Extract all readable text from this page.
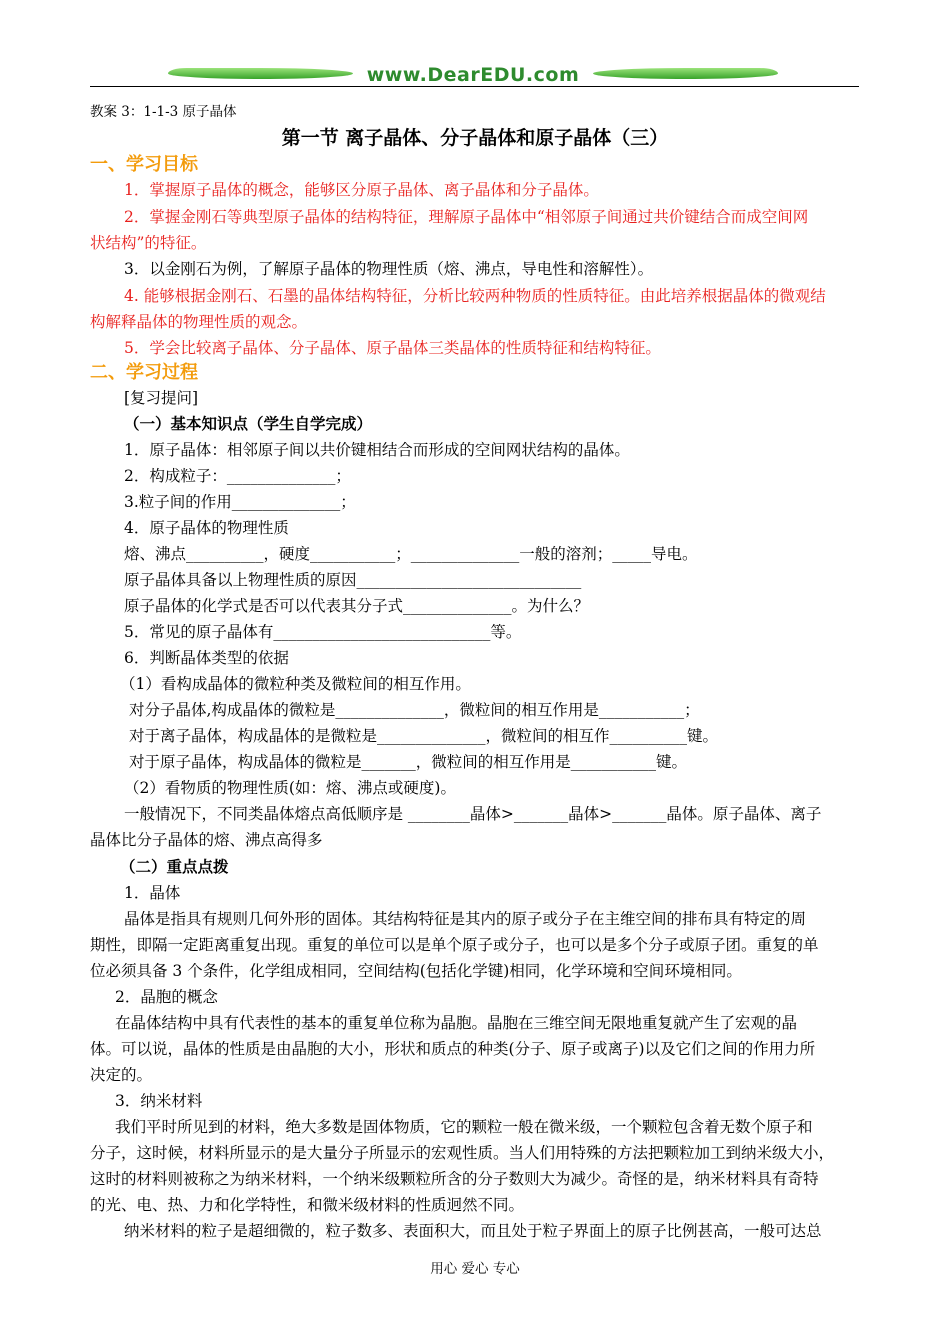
www.DearEDU.com
教案 3：1-1-3 原子晶体
第一节 离子晶体、分子晶体和原子晶体（三）
一、学习目标
1．掌握原子晶体的概念，能够区分原子晶体、离子晶体和分子晶体。
2．掌握金刚石等典型原子晶体的结构特征，理解原子晶体中“相邻原子间通过共价键结合而成空间网
状结构”的特征。
3．以金刚石为例，了解原子晶体的物理性质（熔、沸点，导电性和溶解性）。
4. 能够根据金刚石、石墨的晶体结构特征，分析比较两种物质的性质特征。由此培养根据晶体的微观结
构解释晶体的物理性质的观念。
5．学会比较离子晶体、分子晶体、原子晶体三类晶体的性质特征和结构特征。
二、学习过程
[复习提问]
（一）基本知识点（学生自学完成）
1．原子晶体：相邻原子间以共价键相结合而形成的空间网状结构的晶体。
2．构成粒子：______________；
3.粒子间的作用______________；
4．原子晶体的物理性质
熔、沸点__________，硬度___________；______________一般的溶剂；_____导电。
原子晶体具备以上物理性质的原因_____________________________
原子晶体的化学式是否可以代表其分子式______________。为什么？
5．常见的原子晶体有____________________________等。
6．判断晶体类型的依据
（1）看构成晶体的微粒种类及微粒间的相互作用。
对分子晶体,构成晶体的微粒是______________，微粒间的相互作用是___________；
对于离子晶体，构成晶体的是微粒是______________，微粒间的相互作__________键。
对于原子晶体，构成晶体的微粒是_______，微粒间的相互作用是___________键。
（2）看物质的物理性质(如：熔、沸点或硬度)。
一般情况下，不同类晶体熔点高低顺序是 ________晶体>_______晶体>_______晶体。原子晶体、离子
晶体比分子晶体的熔、沸点高得多
（二）重点点拨
1．晶体
晶体是指具有规则几何外形的固体。其结构特征是其内的原子或分子在主维空间的排布具有特定的周
期性，即隔一定距离重复出现。重复的单位可以是单个原子或分子，也可以是多个分子或原子团。重复的单
位必须具备 3 个条件，化学组成相同，空间结构(包括化学键)相同，化学环境和空间环境相同。
2．晶胞的概念
在晶体结构中具有代表性的基本的重复单位称为晶胞。晶胞在三维空间无限地重复就产生了宏观的晶
体。可以说，晶体的性质是由晶胞的大小，形状和质点的种类(分子、原子或离子)以及它们之间的作用力所
决定的。
3．纳米材料
我们平时所见到的材料，绝大多数是固体物质，它的颗粒一般在微米级，一个颗粒包含着无数个原子和
分子，这时候，材料所显示的是大量分子所显示的宏观性质。当人们用特殊的方法把颗粒加工到纳米级大小，
这时的材料则被称之为纳米材料，一个纳米级颗粒所含的分子数则大为减少。奇怪的是，纳米材料具有奇特
的光、电、热、力和化学特性，和微米级材料的性质迥然不同。
纳米材料的粒子是超细微的，粒子数多、表面积大，而且处于粒子界面上的原子比例甚高，一般可达总
用心 爱心 专心
